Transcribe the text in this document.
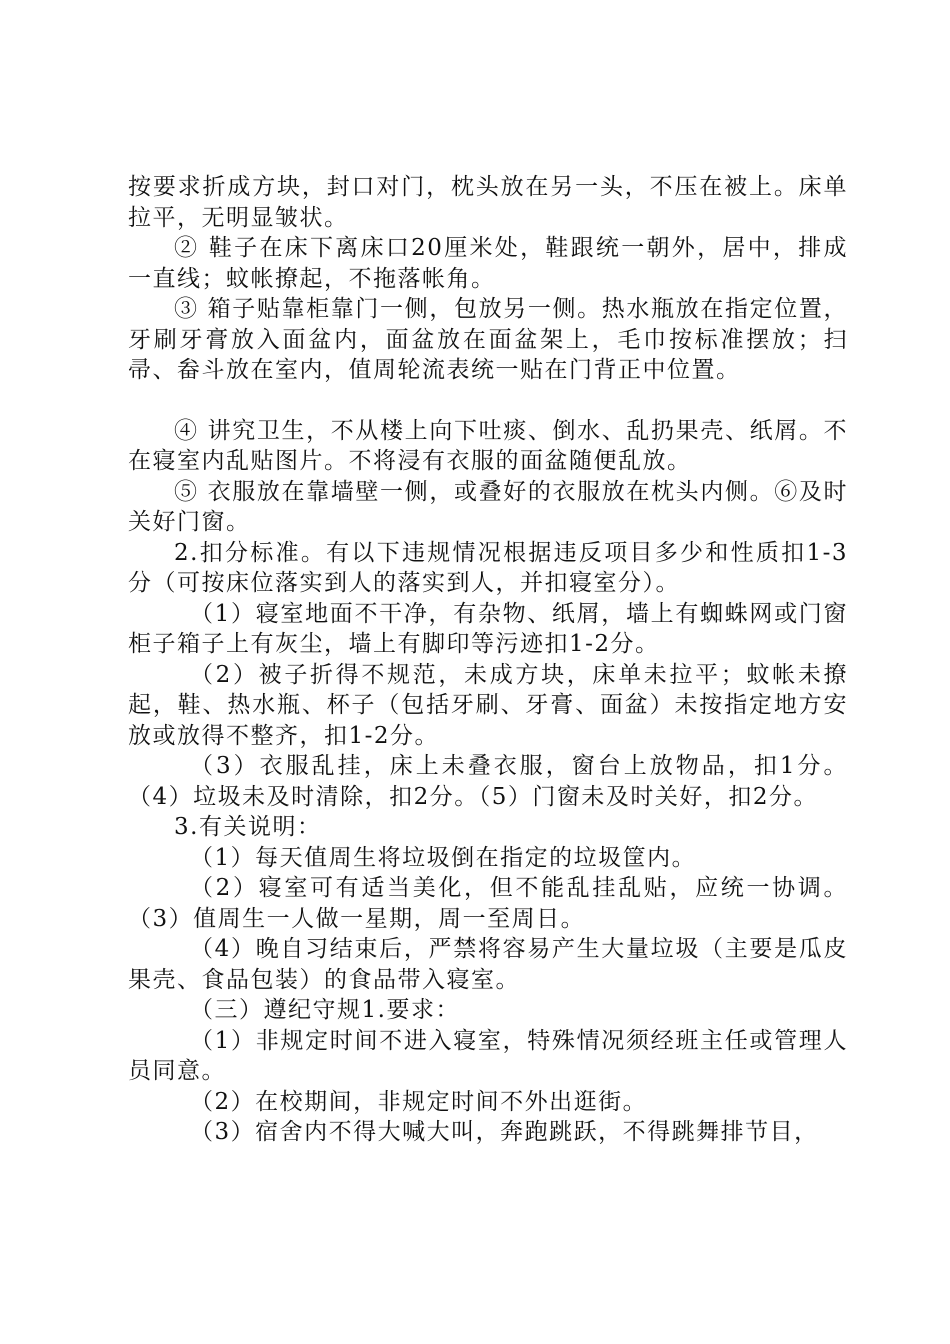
按要求折成方块，封口对门，枕头放在另一头，不压在被上。床单拉平，无明显皱状。

② 鞋子在床下离床口20厘米处，鞋跟统一朝外，居中，排成一直线；蚊帐撩起，不拖落帐角。

③ 箱子贴靠柜靠门一侧，包放另一侧。热水瓶放在指定位置，牙刷牙膏放入面盆内，面盆放在面盆架上，毛巾按标准摆放；扫帚、畚斗放在室内，值周轮流表统一贴在门背正中位置。

④ 讲究卫生，不从楼上向下吐痰、倒水、乱扔果壳、纸屑。不在寝室内乱贴图片。不将浸有衣服的面盆随便乱放。

⑤ 衣服放在靠墙壁一侧，或叠好的衣服放在枕头内侧。⑥及时关好门窗。

2.扣分标准。有以下违规情况根据违反项目多少和性质扣1-3分（可按床位落实到人的落实到人，并扣寝室分）。

（1）寝室地面不干净，有杂物、纸屑，墙上有蜘蛛网或门窗柜子箱子上有灰尘，墙上有脚印等污迹扣1-2分。

（2）被子折得不规范，未成方块，床单未拉平；蚊帐未撩起，鞋、热水瓶、杯子（包括牙刷、牙膏、面盆）未按指定地方安放或放得不整齐，扣1-2分。

（3）衣服乱挂，床上未叠衣服，窗台上放物品，扣1分。（4）垃圾未及时清除，扣2分。（5）门窗未及时关好，扣2分。

3.有关说明：

（1）每天值周生将垃圾倒在指定的垃圾筐内。

（2）寝室可有适当美化，但不能乱挂乱贴，应统一协调。（3）值周生一人做一星期，周一至周日。

（4）晚自习结束后，严禁将容易产生大量垃圾（主要是瓜皮果壳、食品包装）的食品带入寝室。

（三）遵纪守规1.要求：

（1）非规定时间不进入寝室，特殊情况须经班主任或管理人员同意。

（2）在校期间，非规定时间不外出逛街。

（3）宿舍内不得大喊大叫，奔跑跳跃，不得跳舞排节目，
